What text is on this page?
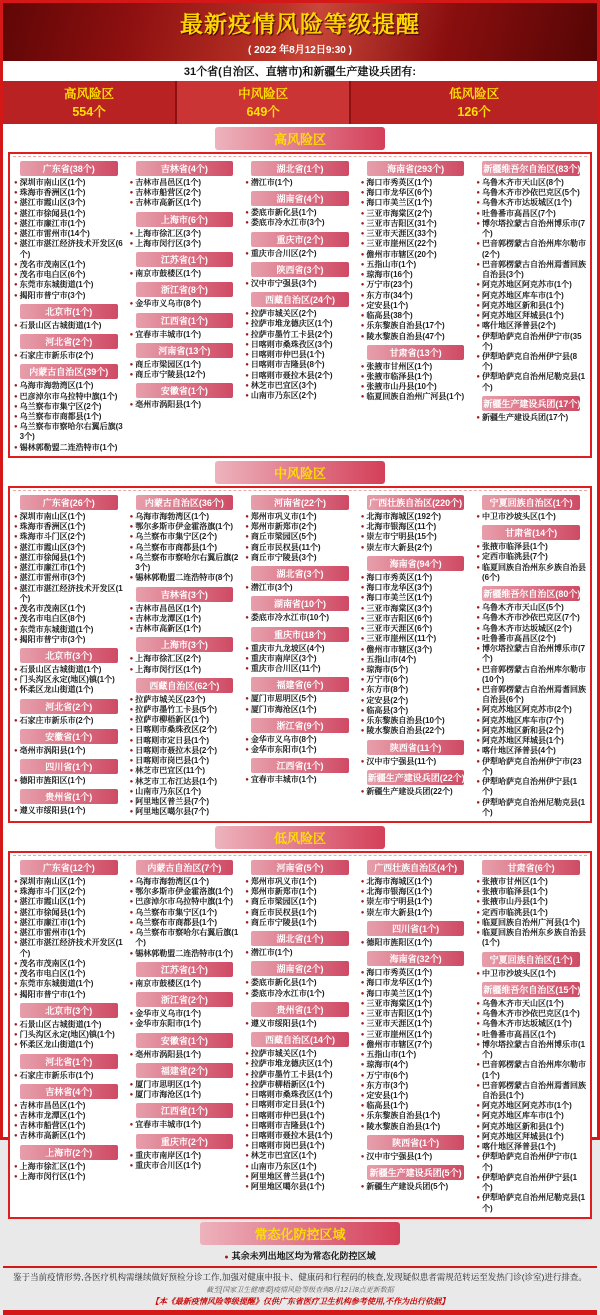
最新疫情风险等级提醒
( 2022 年8月12日9:30 )
31个省(自治区、直辖市)和新疆生产建设兵团有:
高风险区
554个
中风险区
649个
低风险区
126个
高风险区
广东省(38个)
● 深圳市南山区(1个)
● 珠海市香洲区(1个)
● 湛江市霞山区(3个)
● 湛江市徐闻县(1个)
● 湛江市廉江市(1个)
● 湛江市雷州市(14个)
● 湛江市湛江经济技术开发区(6个)
● 茂名市茂南区(1个)
● 茂名市电白区(6个)
● 东莞市东城街道(1个)
● 揭阳市普宁市(3个)
北京市(1个)
● 石景山区古城街道(1个)
河北省(2个)
● 石家庄市新乐市(2个)
内蒙古自治区(39个)
● 乌海市海勃湾区(1个)
● 巴彦淖尔市乌拉特中旗(1个)
● 乌兰察布市集宁区(2个)
● 乌兰察布市商都县(1个)
● 乌兰察布市察哈尔右翼后旗(33个)
● 锡林郭勒盟二连浩特市(1个)
吉林省(4个)
● 吉林市昌邑区(1个)
● 吉林市船营区(2个)
● 吉林市高新区(1个)
上海市(6个)
● 上海市徐汇区(3个)
● 上海市闵行区(3个)
江苏省(1个)
● 南京市鼓楼区(1个)
浙江省(8个)
● 金华市义乌市(8个)
江西省(1个)
● 宜春市丰城市(1个)
河南省(13个)
● 商丘市梁园区(1个)
● 商丘市宁陵县(12个)
安徽省(1个)
● 亳州市涡阳县(1个)
湖北省(1个)
● 潜江市(1个)
湖南省(4个)
● 娄底市新化县(1个)
● 娄底市冷水江市(3个)
重庆市(2个)
● 重庆市合川区(2个)
陕西省(3个)
● 汉中市宁强县(3个)
西藏自治区(24个)
● 拉萨市城关区(2个)
● 拉萨市堆龙德庆区(1个)
● 拉萨市墨竹工卡县(2个)
● 日喀则市桑珠孜区(3个)
● 日喀则市仲巴县(1个)
● 日喀则市吉隆县(8个)
● 日喀则市聂拉木县(2个)
● 林芝市巴宜区(3个)
● 山南市乃东区(2个)
海南省(293个)
● 海口市秀英区(1个)
● 海口市龙华区(6个)
● 海口市美兰区(1个)
● 三亚市海棠区(2个)
● 三亚市吉阳区(31个)
● 三亚市天涯区(33个)
● 三亚市崖州区(22个)
● 儋州市市辖区(20个)
● 五指山市(1个)
● 琼海市(16个)
● 万宁市(23个)
● 东方市(34个)
● 定安县(1个)
● 临高县(38个)
● 乐东黎族自治县(17个)
● 陵水黎族自治县(47个)
甘肃省(13个)
● 张掖市甘州区(1个)
● 张掖市临泽县(1个)
● 张掖市山丹县(10个)
● 临夏回族自治州广河县(1个)
新疆维吾尔自治区(83个)
● 乌鲁木齐市天山区(8个)
● 乌鲁木齐市沙依巴克区(5个)
● 乌鲁木齐市达坂城区(1个)
● 吐鲁番市高昌区(7个)
● 博尔塔拉蒙古自治州博乐市(7个)
● 巴音郭楞蒙古自治州库尔勒市(2个)
● 巴音郭楞蒙古自治州焉耆回族自治县(3个)
● 阿克苏地区阿克苏市(1个)
● 阿克苏地区库车市(1个)
● 阿克苏地区新和县(1个)
● 阿克苏地区拜城县(1个)
● 喀什地区泽普县(2个)
● 伊犁哈萨克自治州伊宁市(35个)
● 伊犁哈萨克自治州伊宁县(8个)
● 伊犁哈萨克自治州尼勒克县(1个)
新疆生产建设兵团(17个)
● 新疆生产建设兵团(17个)
中风险区
广东省(26个)
● 深圳市南山区(1个)
● 珠海市香洲区(1个)
● 珠海市斗门区(2个)
● 湛江市霞山区(3个)
● 湛江市徐闻县(1个)
● 湛江市廉江市(1个)
● 湛江市雷州市(3个)
● 湛江市湛江经济技术开发区(1个)
● 茂名市茂南区(1个)
● 茂名市电白区(8个)
● 东莞市东城街道(1个)
● 揭阳市普宁市(3个)
北京市(3个)
● 石景山区古城街道(1个)
● 门头沟区永定(地区)镇(1个)
● 怀柔区龙山街道(1个)
河北省(2个)
● 石家庄市新乐市(2个)
安徽省(1个)
● 亳州市涡阳县(1个)
四川省(1个)
● 德阳市旌阳区(1个)
贵州省(1个)
● 遵义市绥阳县(1个)
内蒙古自治区(36个)
● 乌海市海勃湾区(1个)
● 鄂尔多斯市伊金霍洛旗(1个)
● 乌兰察布市集宁区(2个)
● 乌兰察布市商都县(1个)
● 乌兰察布市察哈尔右翼后旗(23个)
● 锡林郭勒盟二连浩特市(8个)
吉林省(3个)
● 吉林市昌邑区(1个)
● 吉林市龙潭区(1个)
● 吉林市高新区(1个)
上海市(3个)
● 上海市徐汇区(2个)
● 上海市闵行区(1个)
西藏自治区(62个)
● 拉萨市城关区(23个)
● 拉萨市墨竹工卡县(5个)
● 拉萨市柳梧新区(1个)
● 日喀则市桑珠孜区(2个)
● 日喀则市定日县(1个)
● 日喀则市聂拉木县(2个)
● 日喀则市岗巴县(1个)
● 林芝市巴宜区(11个)
● 林芝市工布江达县(1个)
● 山南市乃东区(1个)
● 阿里地区普兰县(7个)
● 阿里地区噶尔县(7个)
河南省(22个)
● 郑州市巩义市(1个)
● 郑州市新郑市(2个)
● 商丘市梁园区(5个)
● 商丘市民权县(11个)
● 商丘市宁陵县(3个)
湖北省(3个)
● 潜江市(3个)
湖南省(10个)
● 娄底市冷水江市(10个)
重庆市(18个)
● 重庆市九龙坡区(4个)
● 重庆市南岸区(3个)
● 重庆市合川区(11个)
福建省(6个)
● 厦门市思明区(5个)
● 厦门市海沧区(1个)
浙江省(9个)
● 金华市义乌市(8个)
● 金华市东阳市(1个)
江西省(1个)
● 宜春市丰城市(1个)
广西壮族自治区(220个)
● 北海市海城区(192个)
● 北海市银海区(11个)
● 崇左市宁明县(15个)
● 崇左市大新县(2个)
海南省(94个)
● 海口市秀英区(1个)
● 海口市龙华区(3个)
● 海口市美兰区(1个)
● 三亚市海棠区(3个)
● 三亚市吉阳区(6个)
● 三亚市天涯区(6个)
● 三亚市崖州区(11个)
● 儋州市市辖区(3个)
● 五指山市(4个)
● 琼海市(5个)
● 万宁市(6个)
● 东方市(8个)
● 定安县(2个)
● 临高县(3个)
● 乐东黎族自治县(10个)
● 陵水黎族自治县(22个)
陕西省(11个)
● 汉中市宁强县(11个)
新疆生产建设兵团(22个)
● 新疆生产建设兵团(22个)
宁夏回族自治区(1个)
● 中卫市沙坡头区(1个)
甘肃省(14个)
● 张掖市临泽县(1个)
● 定西市临洮县(7个)
● 临夏回族自治州东乡族自治县(6个)
新疆维吾尔自治区(80个)
● 乌鲁木齐市天山区(5个)
● 乌鲁木齐市沙依巴克区(7个)
● 乌鲁木齐市达坂城区(2个)
● 吐鲁番市高昌区(2个)
● 博尔塔拉蒙古自治州博乐市(7个)
● 巴音郭楞蒙古自治州库尔勒市(10个)
● 巴音郭楞蒙古自治州焉耆回族自治县(6个)
● 阿克苏地区阿克苏市(2个)
● 阿克苏地区库车市(7个)
● 阿克苏地区新和县(2个)
● 阿克苏地区拜城县(1个)
● 喀什地区泽普县(4个)
● 伊犁哈萨克自治州伊宁市(23个)
● 伊犁哈萨克自治州伊宁县(1个)
● 伊犁哈萨克自治州尼勒克县(1个)
低风险区
广东省(12个)
● 深圳市南山区(1个)
● 珠海市斗门区(2个)
● 湛江市霞山区(1个)
● 湛江市徐闻县(1个)
● 湛江市廉江市(1个)
● 湛江市雷州市(1个)
● 湛江市湛江经济技术开发区(1个)
● 茂名市茂南区(1个)
● 茂名市电白区(1个)
● 东莞市东城街道(1个)
● 揭阳市普宁市(1个)
北京市(3个)
● 石景山区古城街道(1个)
● 门头沟区永定(地区)镇(1个)
● 怀柔区龙山街道(1个)
河北省(1个)
● 石家庄市新乐市(1个)
吉林省(4个)
● 吉林市昌邑区(1个)
● 吉林市龙潭区(1个)
● 吉林市船营区(1个)
● 吉林市高新区(1个)
上海市(2个)
● 上海市徐汇区(1个)
● 上海市闵行区(1个)
内蒙古自治区(7个)
● 乌海市海勃湾区(1个)
● 鄂尔多斯市伊金霍洛旗(1个)
● 巴彦淖尔市乌拉特中旗(1个)
● 乌兰察布市集宁区(1个)
● 乌兰察布市商都县(1个)
● 乌兰察布市察哈尔右翼后旗(1个)
● 锡林郭勒盟二连浩特市(1个)
江苏省(1个)
● 南京市鼓楼区(1个)
浙江省(2个)
● 金华市义乌市(1个)
● 金华市东阳市(1个)
安徽省(1个)
● 亳州市涡阳县(1个)
福建省(2个)
● 厦门市思明区(1个)
● 厦门市海沧区(1个)
江西省(1个)
● 宜春市丰城市(1个)
重庆市(2个)
● 重庆市南岸区(1个)
● 重庆市合川区(1个)
河南省(5个)
● 郑州市巩义市(1个)
● 郑州市新郑市(1个)
● 商丘市梁园区(1个)
● 商丘市民权县(1个)
● 商丘市宁陵县(1个)
湖北省(1个)
● 潜江市(1个)
湖南省(2个)
● 娄底市新化县(1个)
● 娄底市冷水江市(1个)
贵州省(1个)
● 遵义市绥阳县(1个)
西藏自治区(14个)
● 拉萨市城关区(1个)
● 拉萨市堆龙德庆区(1个)
● 拉萨市墨竹工卡县(1个)
● 拉萨市柳梧新区(1个)
● 日喀则市桑珠孜区(1个)
● 日喀则市定日县(1个)
● 日喀则市仲巴县(1个)
● 日喀则市吉隆县(1个)
● 日喀则市聂拉木县(1个)
● 日喀则市岗巴县(1个)
● 林芝市巴宜区(1个)
● 山南市乃东区(1个)
● 阿里地区普兰县(1个)
● 阿里地区噶尔县(1个)
广西壮族自治区(4个)
● 北海市海城区(1个)
● 北海市银海区(1个)
● 崇左市宁明县(1个)
● 崇左市大新县(1个)
四川省(1个)
● 德阳市旌阳区(1个)
海南省(32个)
● 海口市秀英区(1个)
● 海口市龙华区(1个)
● 海口市美兰区(1个)
● 三亚市海棠区(1个)
● 三亚市吉阳区(1个)
● 三亚市天涯区(1个)
● 三亚市崖州区(1个)
● 儋州市市辖区(7个)
● 五指山市(1个)
● 琼海市(4个)
● 万宁市(6个)
● 东方市(3个)
● 定安县(1个)
● 临高县(1个)
● 乐东黎族自治县(1个)
● 陵水黎族自治县(1个)
陕西省(1个)
● 汉中市宁强县(1个)
新疆生产建设兵团(5个)
● 新疆生产建设兵团(5个)
甘肃省(6个)
● 张掖市甘州区(1个)
● 张掖市临泽县(1个)
● 张掖市山丹县(1个)
● 定西市临洮县(1个)
● 临夏回族自治州广河县(1个)
● 临夏回族自治州东乡族自治县(1个)
宁夏回族自治区(1个)
● 中卫市沙坡头区(1个)
新疆维吾尔自治区(15个)
● 乌鲁木齐市天山区(1个)
● 乌鲁木齐市沙依巴克区(1个)
● 乌鲁木齐市达坂城区(1个)
● 吐鲁番市高昌区(1个)
● 博尔塔拉蒙古自治州博乐市(1个)
● 巴音郭楞蒙古自治州库尔勒市(1个)
● 巴音郭楞蒙古自治州焉耆回族自治县(1个)
● 阿克苏地区阿克苏市(1个)
● 阿克苏地区库车市(1个)
● 阿克苏地区新和县(1个)
● 阿克苏地区拜城县(1个)
● 喀什地区泽普县(1个)
● 伊犁哈萨克自治州伊宁市(1个)
● 伊犁哈萨克自治州伊宁县(1个)
● 伊犁哈萨克自治州尼勒克县(1个)
常态化防控区域
● 其余未列出地区均为常态化防控区域
鉴于当前疫情形势,各医疗机构需继续做好预检分诊工作,加强对健康申报卡、健康码和行程码的核查,发现疑似患者需规范转运至发热门诊(诊室)进行排查。
截至[国家卫生健康委]疫情风险等级查询8月12日8点更新数据
【本《最新疫情风险等级提醒》仅供广东省医疗卫生机构参考使用,不作为出行依据】
